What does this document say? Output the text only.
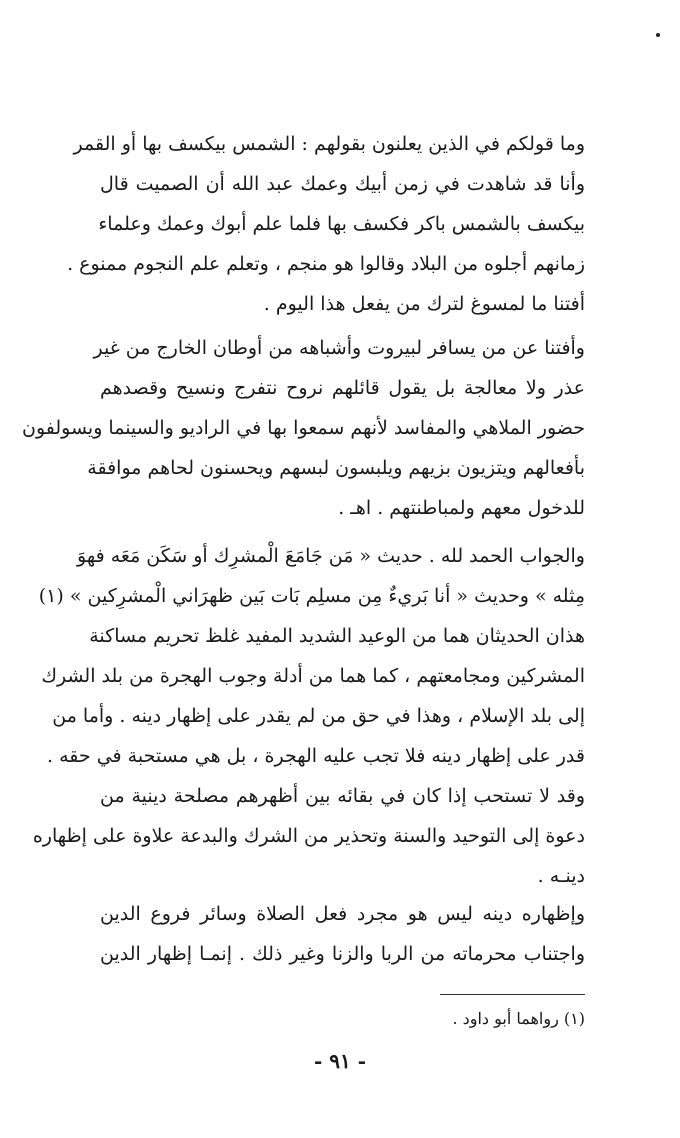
وما قولكم في الذين يعلنون بقولهم : الشمس بيكسف بها أو القمر
وأنا قد شاهدت في زمن أبيك وعمك عبد الله أن الصميت قال
بيكسف بالشمس باكر فكسف بها فلما علم أبوك وعمك وعلماء
زمانهم أجلوه من البلاد وقالوا هو منجم ، وتعلم علم النجوم ممنوع .
أفتنا ما لمسوغ لترك من يفعل هذا اليوم .
وأفتنا عن من يسافر لبيروت وأشباهه من أوطان الخارج من غير
عذر ولا معالجة بل يقول قائلهم نروح نتفرج ونسيح وقصدهم
حضور الملاهي والمفاسد لأنهم سمعوا بها في الراديو والسينما ويسولفون
بأفعالهم ويتزيون بزيهم ويلبسون لبسهم ويحسنون لحاهم موافقة
للدخول معهم ولمباطنتهم . اهـ .
والجواب الحمد لله . حديث « مَن جَامَعَ الْمشرِك أو سَكَن مَعَه فهوَ
مِثله » وحديث « أنا بَريءٌ مِن مسلِم بَات بَين ظهرَاني الْمشرِكين » (١)
هذان الحديثان هما من الوعيد الشديد المفيد غلظ تحريم مساكنة
المشركين ومجامعتهم ، كما هما من أدلة وجوب الهجرة من بلد الشرك
إلى بلد الإسلام ، وهذا في حق من لم يقدر على إظهار دينه . وأما من
قدر على إظهار دينه فلا تجب عليه الهجرة ، بل هي مستحبة في حقه .
وقد لا تستحب إذا كان في بقائه بين أظهرهم مصلحة دينية من
دعوة إلى التوحيد والسنة وتحذير من الشرك والبدعة علاوة على إظهاره
دينـه .
وإظهاره دينه ليس هو مجرد فعل الصلاة وسائر فروع الدين
واجتناب محرماته من الربا والزنا وغير ذلك . إنمـا إظهار الدين
(١) رواهما أبو داود .
- ٩١ -
